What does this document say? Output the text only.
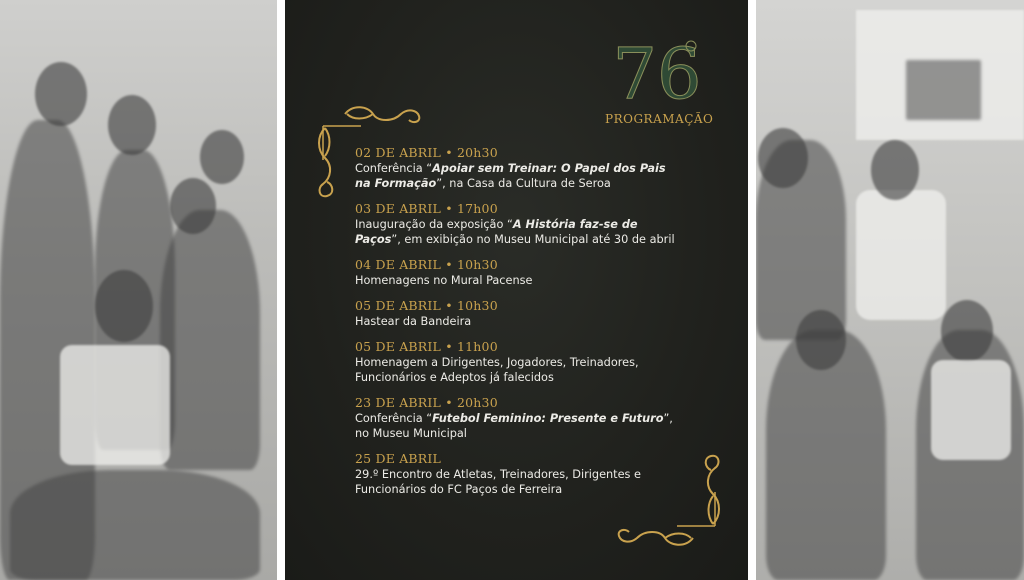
76
PROGRAMAÇÃO
02 DE ABRIL • 20h30
Conferência “Apoiar sem Treinar: O Papel dos Pais na Formação”, na Casa da Cultura de Seroa
03 DE ABRIL • 17h00
Inauguração da exposição “A História faz-se de Paços”, em exibição no Museu Municipal até 30 de abril
04 DE ABRIL • 10h30
Homenagens no Mural Pacense
05 DE ABRIL • 10h30
Hastear da Bandeira
05 DE ABRIL • 11h00
Homenagem a Dirigentes, Jogadores, Treinadores, Funcionários e Adeptos já falecidos
23 DE ABRIL • 20h30
Conferência “Futebol Feminino: Presente e Futuro”, no Museu Municipal
25 DE ABRIL
29.º Encontro de Atletas, Treinadores, Dirigentes e Funcionários do FC Paços de Ferreira
